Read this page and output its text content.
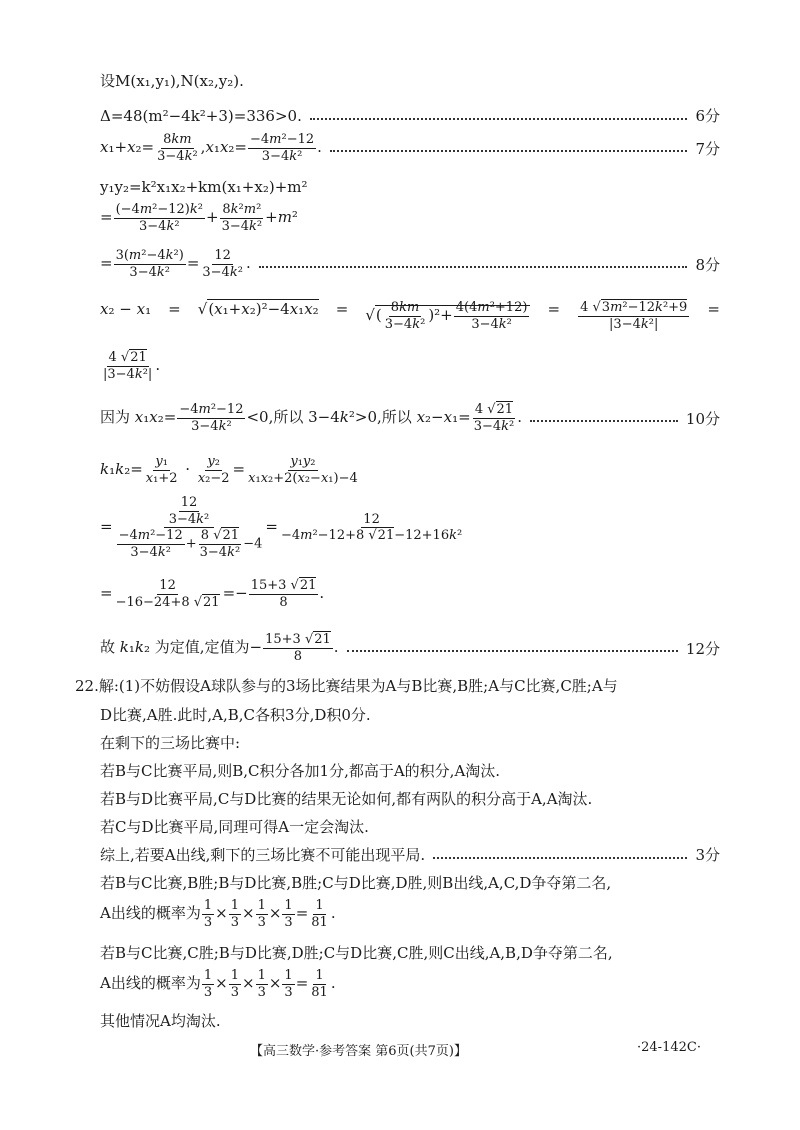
设M(x₁,y₁),N(x₂,y₂).
Δ=48(m²−4k²+3)=336>0.	6分
$x_1+x_2= \frac{8km}{\text{3−4k²}} ,x_1x_2= \frac{\text{−4m²−12}}{\text{3−4k²}}$ .	7分
y₁y₂=k²x₁x₂+km(x₁+x₂)+m²
= $\frac{\text{(−4m²−12)k²}}{\text{3−4k²}} + \frac{\text{8k²m²}}{\text{3−4k²}} +m^2$
= $\frac{\text{3(m²−4k²)}}{\text{3−4k²}} = \frac{12}{\text{3−4k²}}$ .	8分
x₂ − x₁ = √(x₁+x₂)²−4x₁x₂ = √( $\frac{8km}{\text{3−4k²}} )^2+ \frac{\text{4(4m²+12)}}{\text{3−4k²}} = \frac{\text{4 √3m²−12k²+9}}{\text{|3−4k²|}}$ =
$\frac{4 √21}{\text{|3−4k²|}}$ .
因为 $x_1x_2= \frac{\text{−4m²−12}}{\text{3−4k²}} <0$,所以 3−4k²>0,所以 $x_2-x_1= \frac{4 √21}{\text{3−4k²}}$ .	10分
$k_1k_2= \frac{\text{y₁}}{\text{x₁+2}} \cdot \frac{\text{y₂}}{\text{x₂−2}} = \frac{\text{y₁y₂}}{\text{x₁x₂+2(x₂−x₁)−4}}$
= $\frac{\frac{12}{\text{3−4k²}}}{\frac{\text{−4m²−12}}{\text{3−4k²}} + \frac{8 √21}{\text{3−4k²}} -4} = \frac{12}{\text{−4m²−12+8 √21−12+16k²}}$
= $\frac{12}{-16-24+8 √21} =- \frac{15+3 √21}{8}$ .
故 k₁k₂ 为定值,定值为− $\frac{15+3 √21}{8}$ .	12分
22.解:(1)不妨假设A球队参与的3场比赛结果为A与B比赛,B胜;A与C比赛,C胜;A与
D比赛,A胜.此时,A,B,C各积3分,D积0分.
在剩下的三场比赛中:
若B与C比赛平局,则B,C积分各加1分,都高于A的积分,A淘汰.
若B与D比赛平局,C与D比赛的结果无论如何,都有两队的积分高于A,A淘汰.
若C与D比赛平局,同理可得A一定会淘汰.
综上,若要A出线,剩下的三场比赛不可能出现平局.	3分
若B与C比赛,B胜;B与D比赛,B胜;C与D比赛,D胜,则B出线,A,C,D争夺第二名,
A出线的概率为 $\frac{1}{3} \times \frac{1}{3} \times \frac{1}{3} \times \frac{1}{3} = \frac{1}{81}$ .
若B与C比赛,C胜;B与D比赛,D胜;C与D比赛,C胜,则C出线,A,B,D争夺第二名,
A出线的概率为 $\frac{1}{3} \times \frac{1}{3} \times \frac{1}{3} \times \frac{1}{3} = \frac{1}{81}$ .
其他情况A均淘汰.
【高三数学·参考答案 第6页(共7页)】	·24-142C·
